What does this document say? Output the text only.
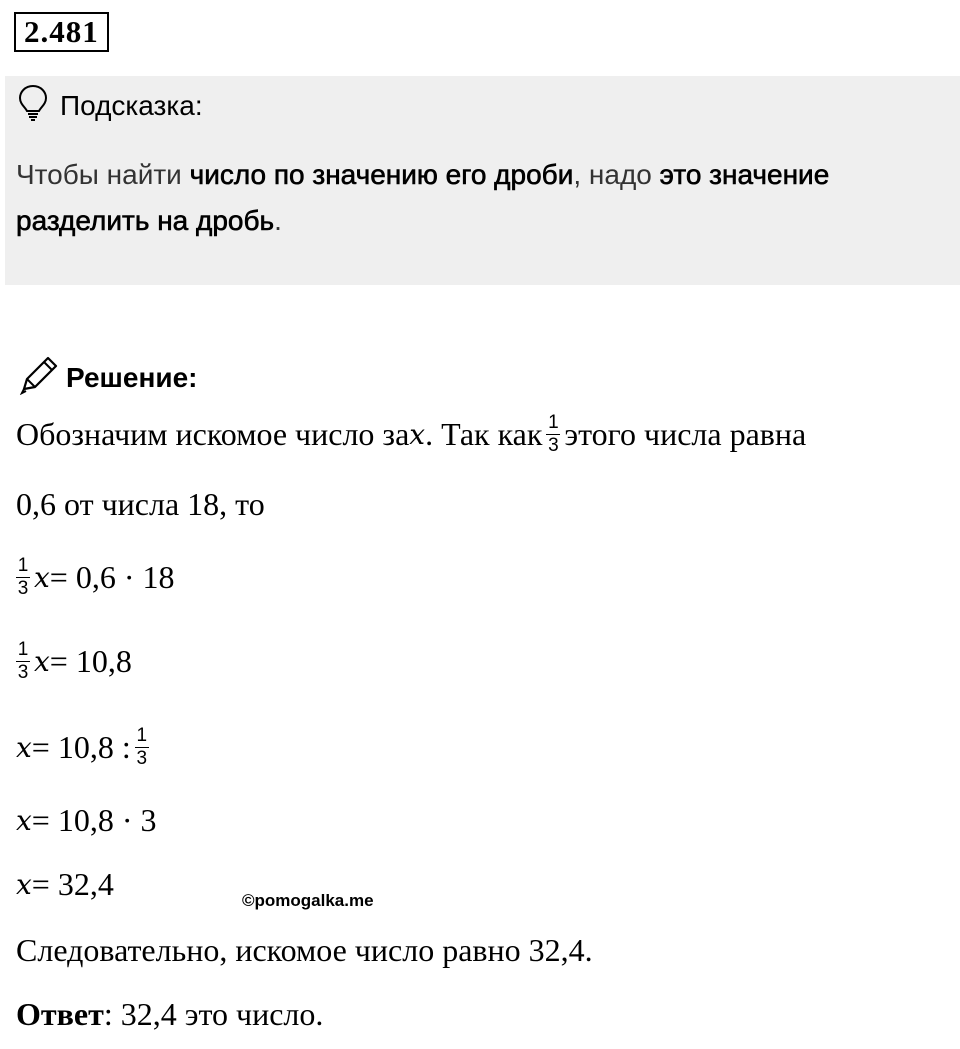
2.481
Подсказка:
Чтобы найти число по значению его дроби, надо это значение разделить на дробь.
Решение:
Обозначим искомое число за x . Так как $\frac{1}{3}$ этого числа равна
0,6 от числа 18, то
$\frac{1}{3}$ x = 0,6 · 18
$\frac{1}{3}$ x = 10,8
x = 10,8 : $\frac{1}{3}$
x = 10,8 · 3
x = 32,4	©pomogalka.me
Следовательно, искомое число равно 32,4.
Ответ : 32,4 это число.
